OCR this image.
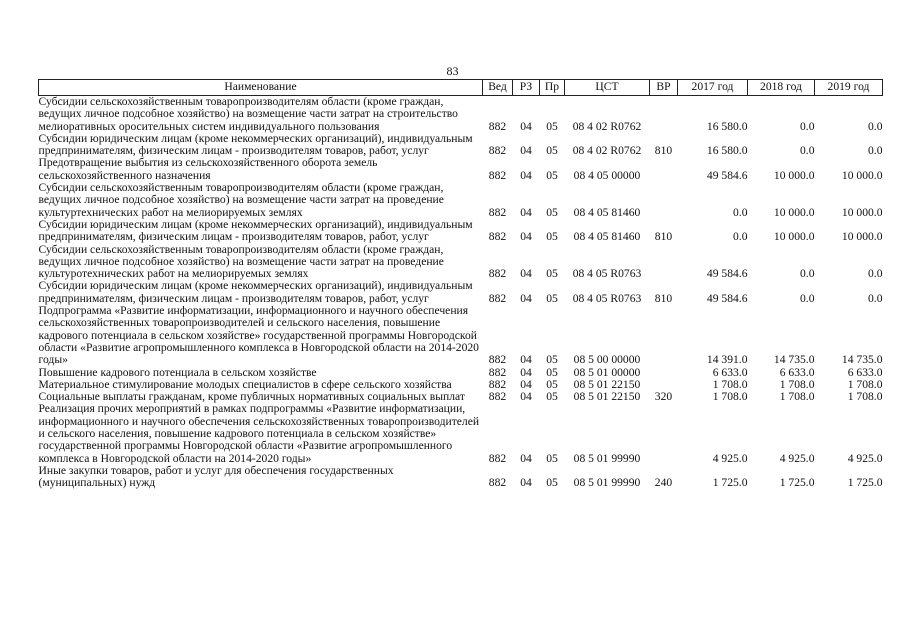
83
Наименование	Вед	РЗ	Пр	ЦСТ	ВР	2017 год	2018 год	2019 год
Субсидии сельскохозяйственным товаропроизводителям области (кроме граждан, ведущих личное подсобное хозяйство) на возмещение части затрат на строительство мелиоративных оросительных систем индивидуального пользования	882	04	05	08 4 02 R0762		16 580.0	0.0	0.0
Субсидии юридическим лицам (кроме некоммерческих организаций), индивидуальным предпринимателям, физическим лицам - производителям товаров, работ, услуг	882	04	05	08 4 02 R0762	810	16 580.0	0.0	0.0
Предотвращение выбытия из сельскохозяйственного оборота земель сельскохозяйственного назначения	882	04	05	08 4 05 00000		49 584.6	10 000.0	10 000.0
Субсидии сельскохозяйственным товаропроизводителям области (кроме граждан, ведущих личное подсобное хозяйство) на возмещение части затрат на проведение культуртехнических работ на мелиорируемых землях	882	04	05	08 4 05 81460		0.0	10 000.0	10 000.0
Субсидии юридическим лицам (кроме некоммерческих организаций), индивидуальным предпринимателям, физическим лицам - производителям товаров, работ, услуг	882	04	05	08 4 05 81460	810	0.0	10 000.0	10 000.0
Субсидии сельскохозяйственным товаропроизводителям области (кроме граждан, ведущих личное подсобное хозяйство) на возмещение части затрат на проведение культуротехнических работ на мелиорируемых землях	882	04	05	08 4 05 R0763		49 584.6	0.0	0.0
Субсидии юридическим лицам (кроме некоммерческих организаций), индивидуальным предпринимателям, физическим лицам - производителям товаров, работ, услуг	882	04	05	08 4 05 R0763	810	49 584.6	0.0	0.0
Подпрограмма «Развитие информатизации, информационного и научного обеспечения сельскохозяйственных товаропроизводителей и сельского населения, повышение кадрового потенциала в сельском хозяйстве» государственной программы Новгородской области «Развитие агропромышленного комплекса в Новгородской области на 2014-2020 годы»	882	04	05	08 5 00 00000		14 391.0	14 735.0	14 735.0
Повышение кадрового потенциала в сельском хозяйстве	882	04	05	08 5 01 00000		6 633.0	6 633.0	6 633.0
Материальное стимулирование молодых специалистов в сфере сельского хозяйства	882	04	05	08 5 01 22150		1 708.0	1 708.0	1 708.0
Социальные выплаты гражданам, кроме публичных нормативных социальных выплат	882	04	05	08 5 01 22150	320	1 708.0	1 708.0	1 708.0
Реализация прочих мероприятий в рамках подпрограммы «Развитие информатизации, информационного и научного обеспечения сельскохозяйственных товаропроизводителей и сельского населения, повышение кадрового потенциала в сельском хозяйстве» государственной программы Новгородской области «Развитие агропромышленного комплекса в Новгородской области на 2014-2020 годы»	882	04	05	08 5 01 99990		4 925.0	4 925.0	4 925.0
Иные закупки товаров, работ и услуг для обеспечения государственных (муниципальных) нужд	882	04	05	08 5 01 99990	240	1 725.0	1 725.0	1 725.0
